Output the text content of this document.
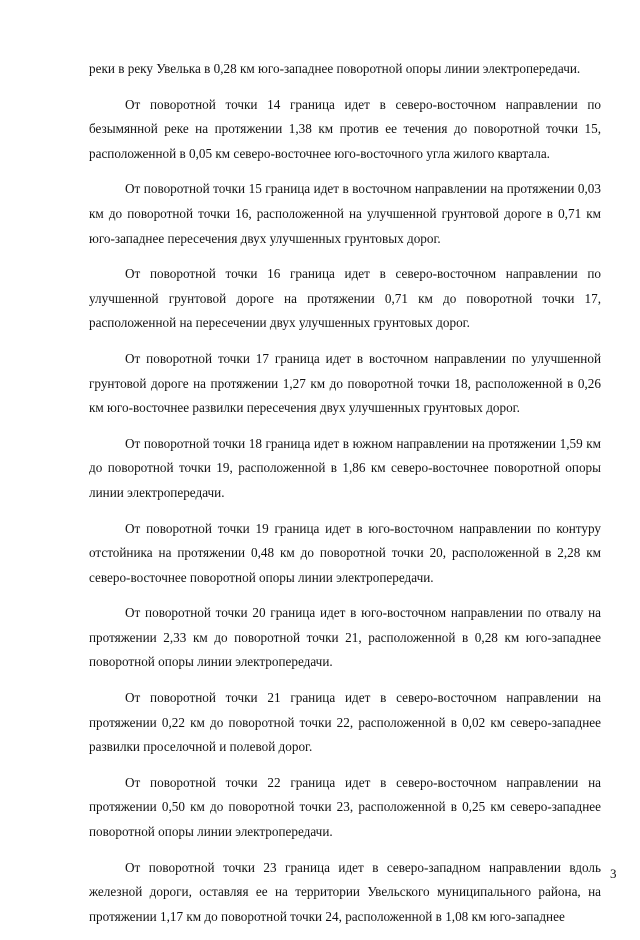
реки в реку Увелька в 0,28 км юго-западнее поворотной опоры линии электропередачи.

От поворотной точки 14 граница идет в северо-восточном направлении по безымянной реке на протяжении 1,38 км против ее течения до поворотной точки 15, расположенной в 0,05 км северо-восточнее юго-восточного угла жилого квартала.

От поворотной точки 15 граница идет в восточном направлении на протяжении 0,03 км до поворотной точки 16, расположенной на улучшенной грунтовой дороге в 0,71 км юго-западнее пересечения двух улучшенных грунтовых дорог.

От поворотной точки 16 граница идет в северо-восточном направлении по улучшенной грунтовой дороге на протяжении 0,71 км до поворотной точки 17, расположенной на пересечении двух улучшенных грунтовых дорог.

От поворотной точки 17 граница идет в восточном направлении по улучшенной грунтовой дороге на протяжении 1,27 км до поворотной точки 18, расположенной в 0,26 км юго-восточнее развилки пересечения двух улучшенных грунтовых дорог.

От поворотной точки 18 граница идет в южном направлении на протяжении 1,59 км до поворотной точки 19, расположенной в 1,86 км северо-восточнее поворотной опоры линии электропередачи.

От поворотной точки 19 граница идет в юго-восточном направлении по контуру отстойника на протяжении 0,48 км до поворотной точки 20, расположенной в 2,28 км северо-восточнее поворотной опоры линии электропередачи.

От поворотной точки 20 граница идет в юго-восточном направлении по отвалу на протяжении 2,33 км до поворотной точки 21, расположенной в 0,28 км юго-западнее поворотной опоры линии электропередачи.

От поворотной точки 21 граница идет в северо-восточном направлении на протяжении 0,22 км до поворотной точки 22, расположенной в 0,02 км северо-западнее развилки проселочной и полевой дорог.

От поворотной точки 22 граница идет в северо-восточном направлении на протяжении 0,50 км до поворотной точки 23, расположенной в 0,25 км северо-западнее поворотной опоры линии электропередачи.

От поворотной точки 23 граница идет в северо-западном направлении вдоль железной дороги, оставляя ее на территории Увельского муниципального района, на протяжении 1,17 км до поворотной точки 24, расположенной в 1,08 км юго-западнее

3
